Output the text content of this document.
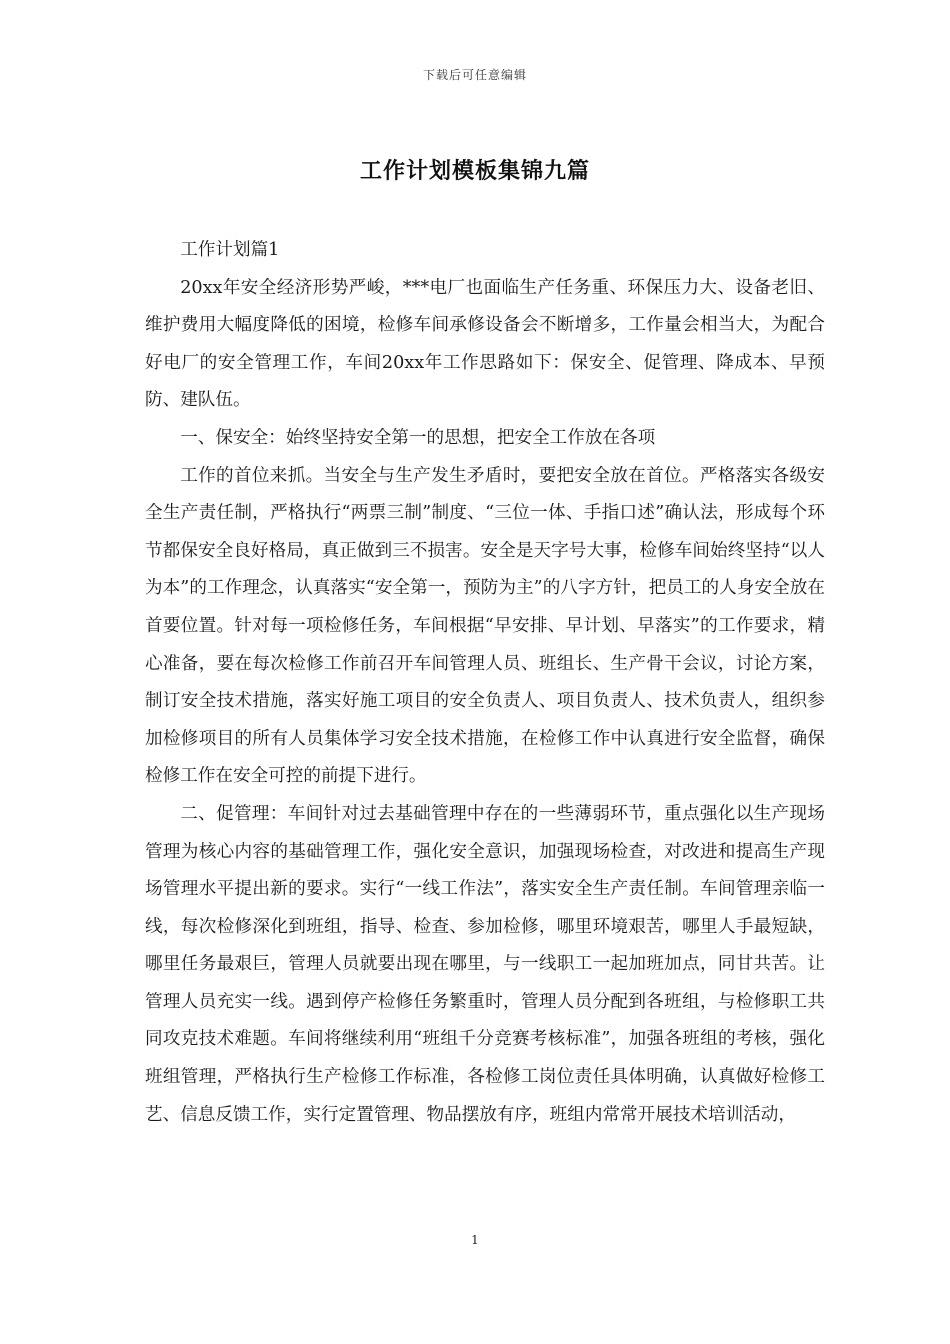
下载后可任意编辑
工作计划模板集锦九篇

工作计划篇1

20xx年安全经济形势严峻，***电厂也面临生产任务重、环保压力大、设备老旧、维护费用大幅度降低的困境，检修车间承修设备会不断增多，工作量会相当大，为配合好电厂的安全管理工作，车间20xx年工作思路如下：保安全、促管理、降成本、早预防、建队伍。

一、保安全：始终坚持安全第一的思想，把安全工作放在各项

工作的首位来抓。当安全与生产发生矛盾时，要把安全放在首位。严格落实各级安全生产责任制，严格执行“两票三制”制度、“三位一体、手指口述”确认法，形成每个环节都保安全良好格局，真正做到三不损害。安全是天字号大事，检修车间始终坚持“以人为本”的工作理念，认真落实“安全第一，预防为主”的八字方针，把员工的人身安全放在首要位置。针对每一项检修任务，车间根据“早安排、早计划、早落实”的工作要求，精心准备，要在每次检修工作前召开车间管理人员、班组长、生产骨干会议，讨论方案，制订安全技术措施，落实好施工项目的安全负责人、项目负责人、技术负责人，组织参加检修项目的所有人员集体学习安全技术措施，在检修工作中认真进行安全监督，确保检修工作在安全可控的前提下进行。

二、促管理：车间针对过去基础管理中存在的一些薄弱环节，重点强化以生产现场管理为核心内容的基础管理工作，强化安全意识，加强现场检查，对改进和提高生产现场管理水平提出新的要求。实行“一线工作法”，落实安全生产责任制。车间管理亲临一线，每次检修深化到班组，指导、检查、参加检修，哪里环境艰苦，哪里人手最短缺，哪里任务最艰巨，管理人员就要出现在哪里，与一线职工一起加班加点，同甘共苦。让管理人员充实一线。遇到停产检修任务繁重时，管理人员分配到各班组，与检修职工共同攻克技术难题。车间将继续利用“班组千分竞赛考核标准”，加强各班组的考核，强化班组管理，严格执行生产检修工作标准，各检修工岗位责任具体明确，认真做好检修工艺、信息反馈工作，实行定置管理、物品摆放有序，班组内常常开展技术培训活动，

1
